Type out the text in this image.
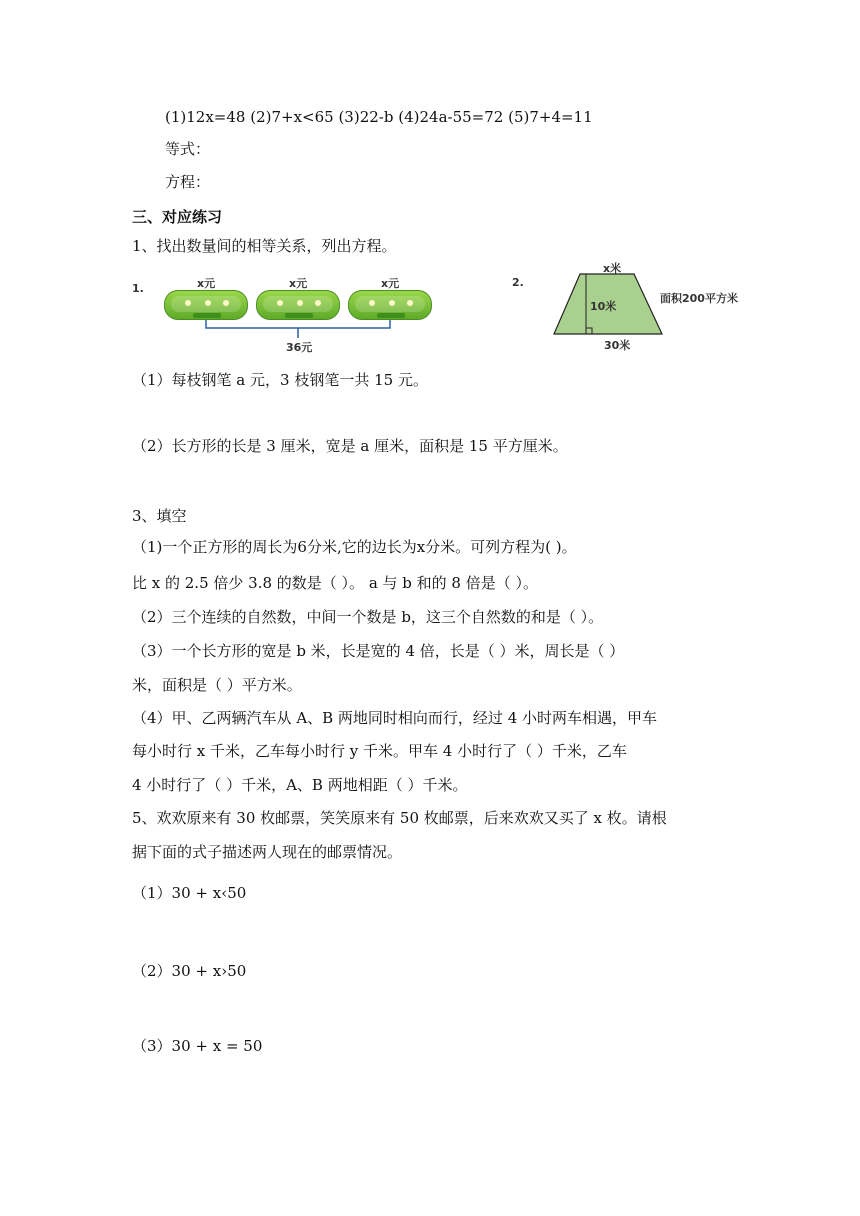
(1)12x=48 (2)7+x<65 (3)22-b (4)24a-55=72 (5)7+4=11
等式：
方程：
三、对应练习
1、找出数量间的相等关系，列出方程。
1.	x元	x元	x元
36元
2.
x米
10米
面积200平方米
30米
（1）每枝钢笔 a 元，3 枝钢笔一共 15 元。
（2）长方形的长是 3 厘米，宽是 a 厘米，面积是 15 平方厘米。
3、填空
（1)一个正方形的周长为6分米,它的边长为x分米。可列方程为( )。
比 x 的 2.5 倍少 3.8 的数是（ ）。 a 与 b 和的 8 倍是（ ）。
（2）三个连续的自然数，中间一个数是 b，这三个自然数的和是（ ）。
（3）一个长方形的宽是 b 米，长是宽的 4 倍，长是（ ）米，周长是（ ）
米，面积是（ ）平方米。
（4）甲、乙两辆汽车从 A、B 两地同时相向而行，经过 4 小时两车相遇，甲车
每小时行 x 千米，乙车每小时行 y 千米。甲车 4 小时行了（ ）千米，乙车
4 小时行了（ ）千米，A、B 两地相距（ ）千米。
5、欢欢原来有 30 枚邮票，笑笑原来有 50 枚邮票，后来欢欢又买了 x 枚。请根
据下面的式子描述两人现在的邮票情况。
（1）30 + x‹50
（2）30 + x›50
（3）30 + x = 50
